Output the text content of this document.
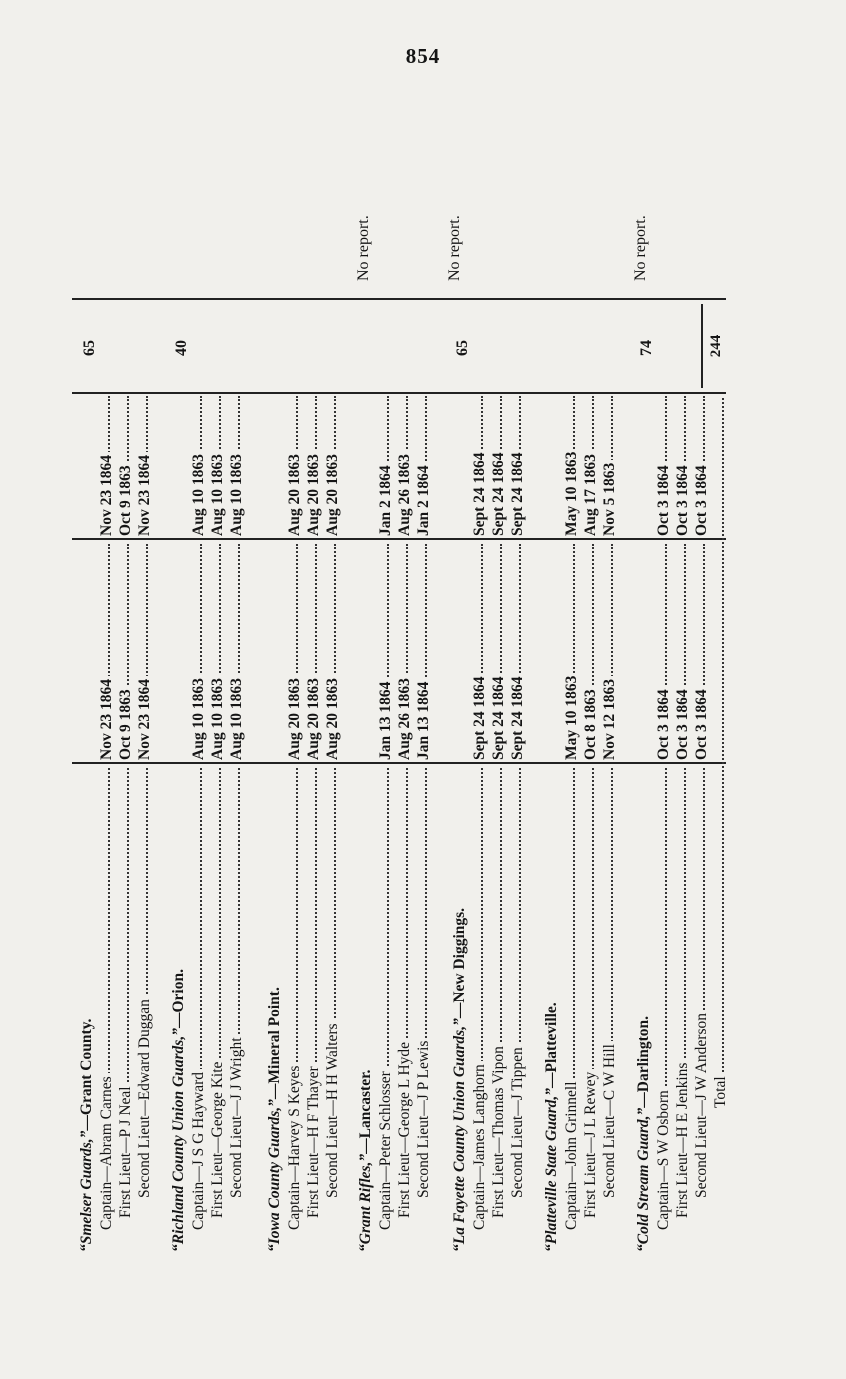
854
“Smelser Guards,”—Grant County.
Captain—Abram Carnes
Nov 23 1864
Nov 23 1864
First Lieut—P J Neal
Oct 9 1863
Oct 9 1863
Second Lieut—Edward Duggan
Nov 23 1864
Nov 23 1864
65
“Richland County Union Guards,”—Orion.
Captain—J S G Hayward
Aug 10 1863
Aug 10 1863
First Lieut—George Kite
Aug 10 1863
Aug 10 1863
Second Lieut—J J Wright
Aug 10 1863
Aug 10 1863
40
“Iowa County Guards,”—Mineral Point.
Captain—Harvey S Keyes
Aug 20 1863
Aug 20 1863
First Lieut—H F Thayer
Aug 20 1863
Aug 20 1863
Second Lieut—H H Walters
Aug 20 1863
Aug 20 1863
No report.
“Grant Rifles,”—Lancaster. Captain—Peter Schlosser
Jan 13 1864
Jan 2 1864
First Lieut—George L Hyde
Aug 26 1863
Aug 26 1863
Second Lieut—J P Lewis
Jan 13 1864
Jan 2 1864
No report.
“La Fayette County Union Guards,”—New Diggings.
Captain—James Langhorn
Sept 24 1864
Sept 24 1864
First Lieut—Thomas Vipon
Sept 24 1864
Sept 24 1864
Second Lieut—J Tippen
Sept 24 1864
Sept 24 1864
65
“Platteville State Guard,”—Platteville.
Captain—John Grinnell
May 10 1863
May 10 1863
First Lieut—J L Rewey
Oct 8 1863
Aug 17 1863
Second Lieut—C W Hill
Nov 12 1863
Nov 5 1863
No report.
“Cold Stream Guard,”—Darlington.
Captain—S W Osborn
Oct 3 1864
Oct 3 1864
First Lieut—H E Jenkins
Oct 3 1864
Oct 3 1864
Second Lieut—J W Anderson
Oct 3 1864
Oct 3 1864
74
Total
244
